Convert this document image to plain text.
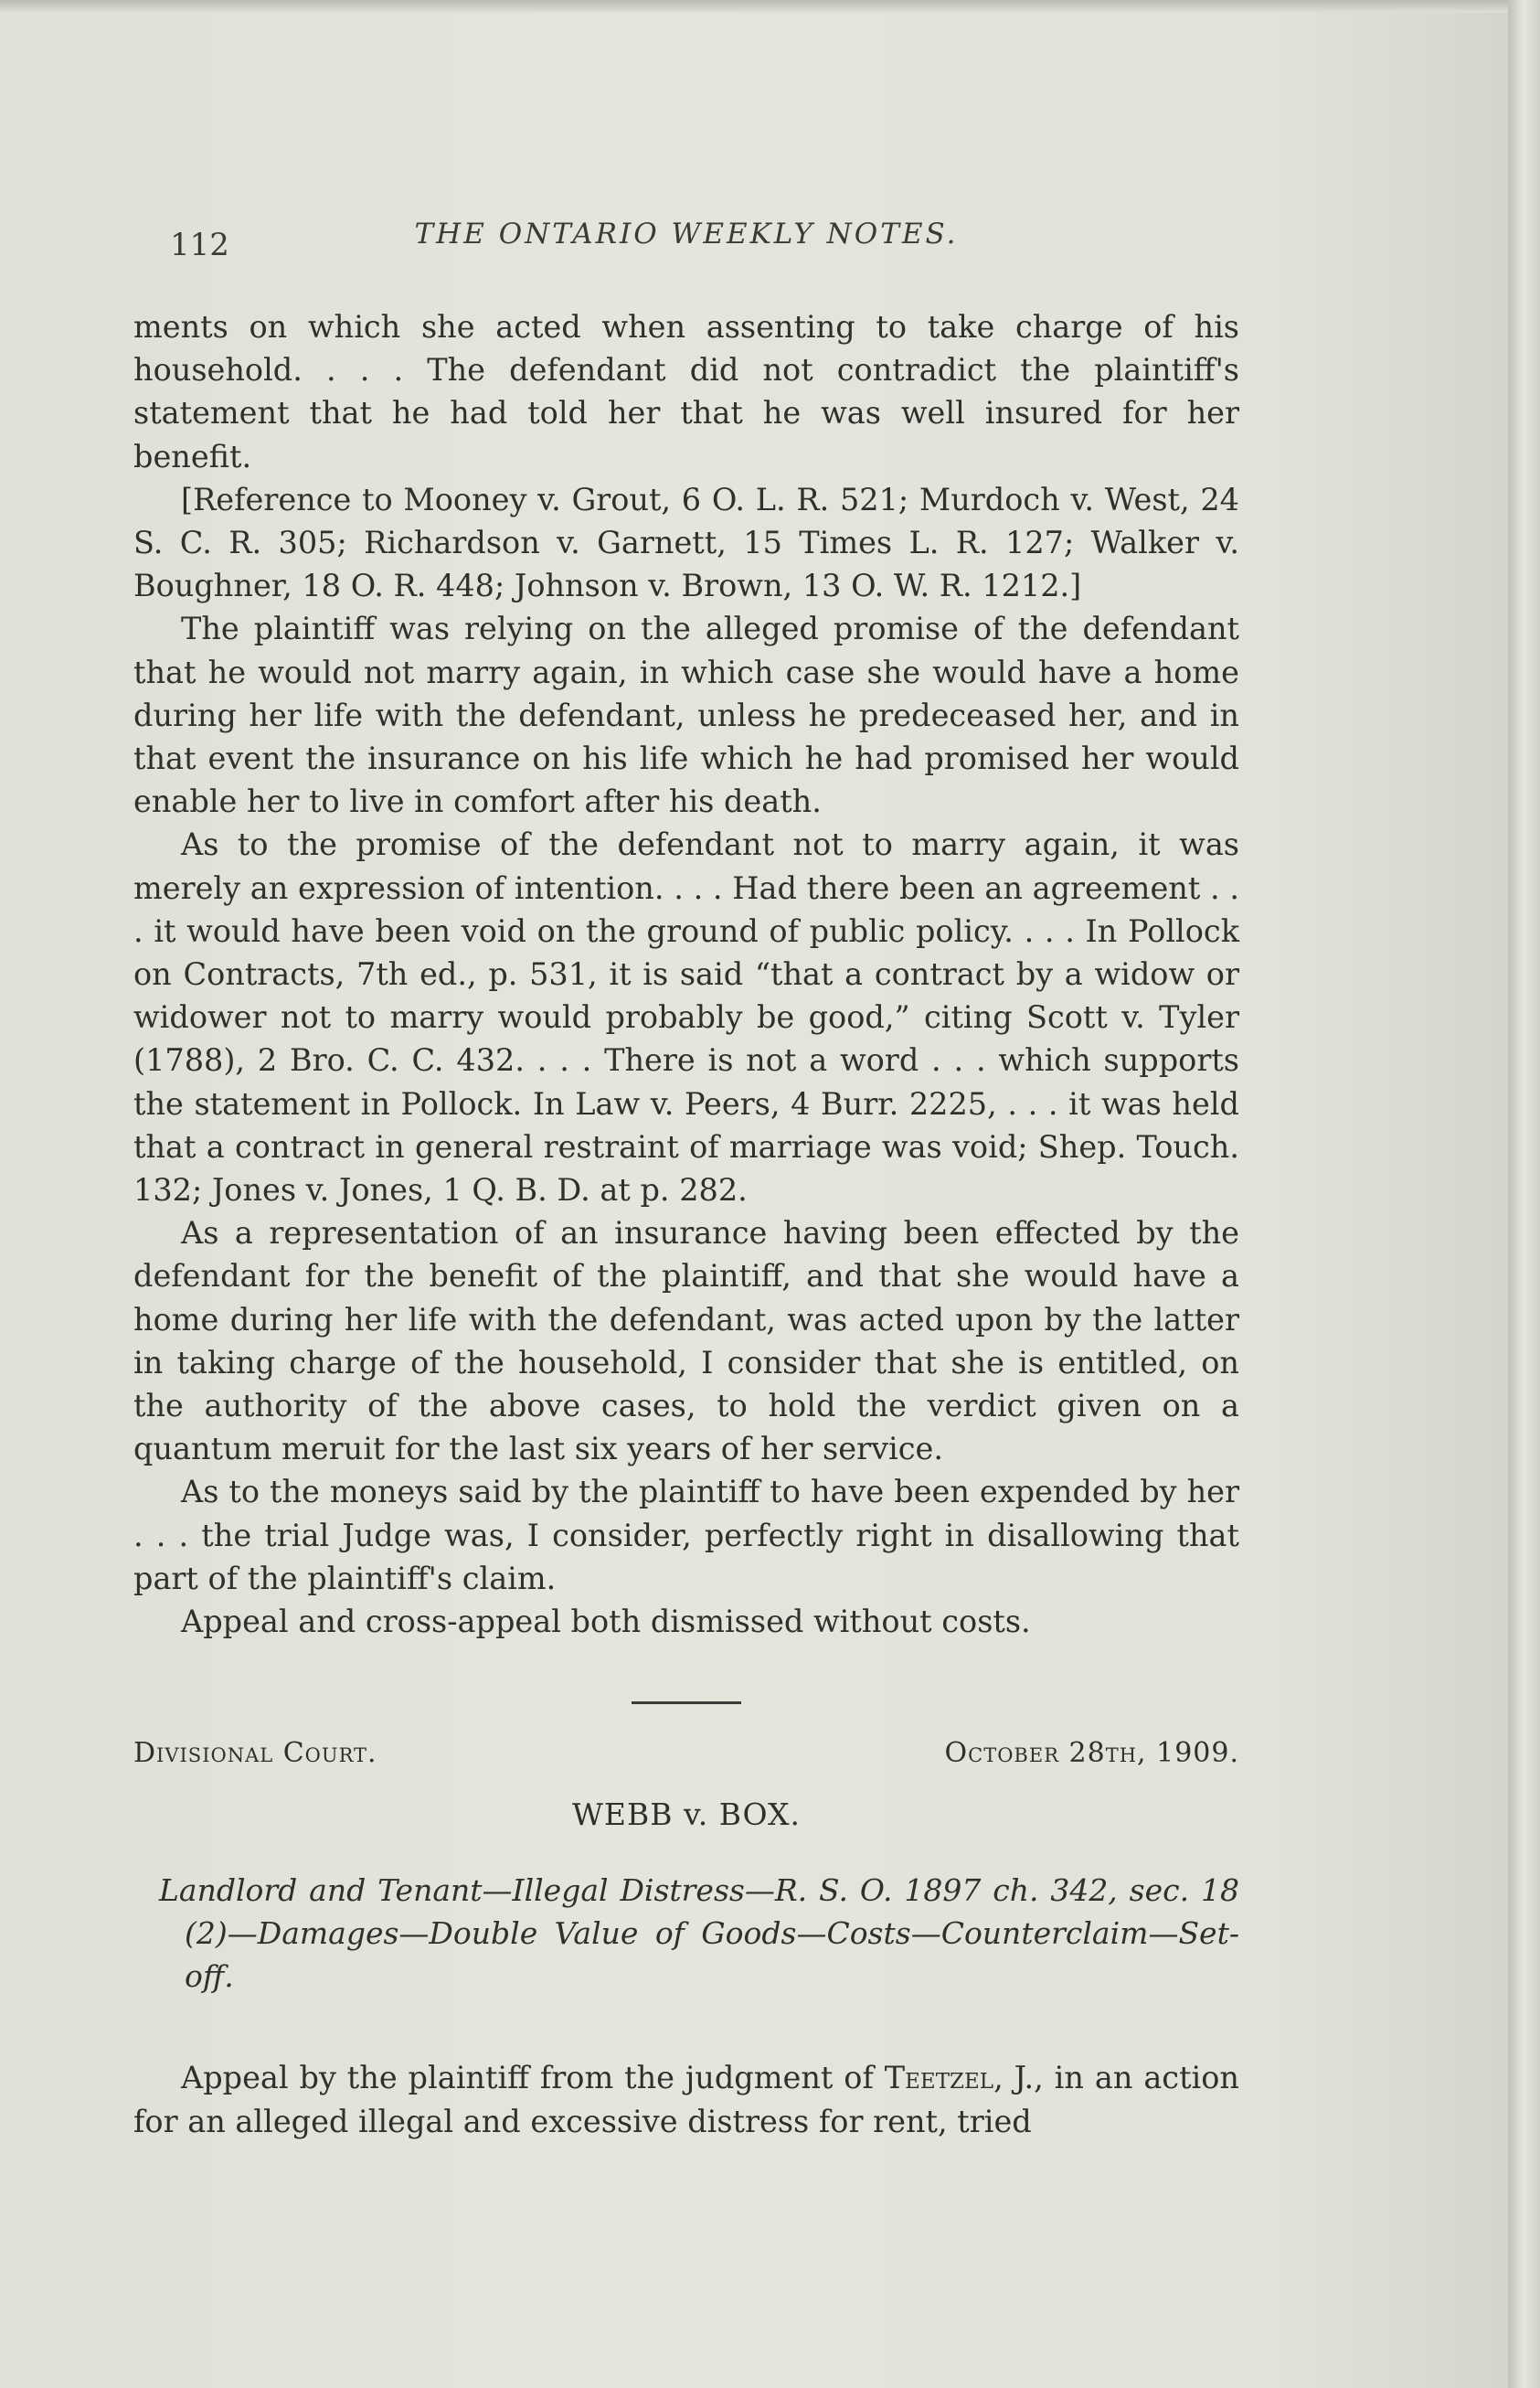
112	THE ONTARIO WEEKLY NOTES.

ments on which she acted when assenting to take charge of his household. . . . The defendant did not contradict the plaintiff's statement that he had told her that he was well insured for her benefit.

[Reference to Mooney v. Grout, 6 O. L. R. 521; Murdoch v. West, 24 S. C. R. 305; Richardson v. Garnett, 15 Times L. R. 127; Walker v. Boughner, 18 O. R. 448; Johnson v. Brown, 13 O. W. R. 1212.]

The plaintiff was relying on the alleged promise of the defendant that he would not marry again, in which case she would have a home during her life with the defendant, unless he predeceased her, and in that event the insurance on his life which he had promised her would enable her to live in comfort after his death.

As to the promise of the defendant not to marry again, it was merely an expression of intention. . . . Had there been an agreement . . . it would have been void on the ground of public policy. . . . In Pollock on Contracts, 7th ed., p. 531, it is said “that a contract by a widow or widower not to marry would probably be good,” citing Scott v. Tyler (1788), 2 Bro. C. C. 432. . . . There is not a word . . . which supports the statement in Pollock. In Law v. Peers, 4 Burr. 2225, . . . it was held that a contract in general restraint of marriage was void; Shep. Touch. 132; Jones v. Jones, 1 Q. B. D. at p. 282.

As a representation of an insurance having been effected by the defendant for the benefit of the plaintiff, and that she would have a home during her life with the defendant, was acted upon by the latter in taking charge of the household, I consider that she is entitled, on the authority of the above cases, to hold the verdict given on a quantum meruit for the last six years of her service.

As to the moneys said by the plaintiff to have been expended by her . . . the trial Judge was, I consider, perfectly right in disallowing that part of the plaintiff's claim.

Appeal and cross-appeal both dismissed without costs.

Divisional Court.	October 28th, 1909.
WEBB v. BOX.
Landlord and Tenant—Illegal Distress—R. S. O. 1897 ch. 342, sec. 18 (2)—Damages—Double Value of Goods—Costs—Counterclaim—Set-off.

Appeal by the plaintiff from the judgment of Teetzel, J., in an action for an alleged illegal and excessive distress for rent, tried
